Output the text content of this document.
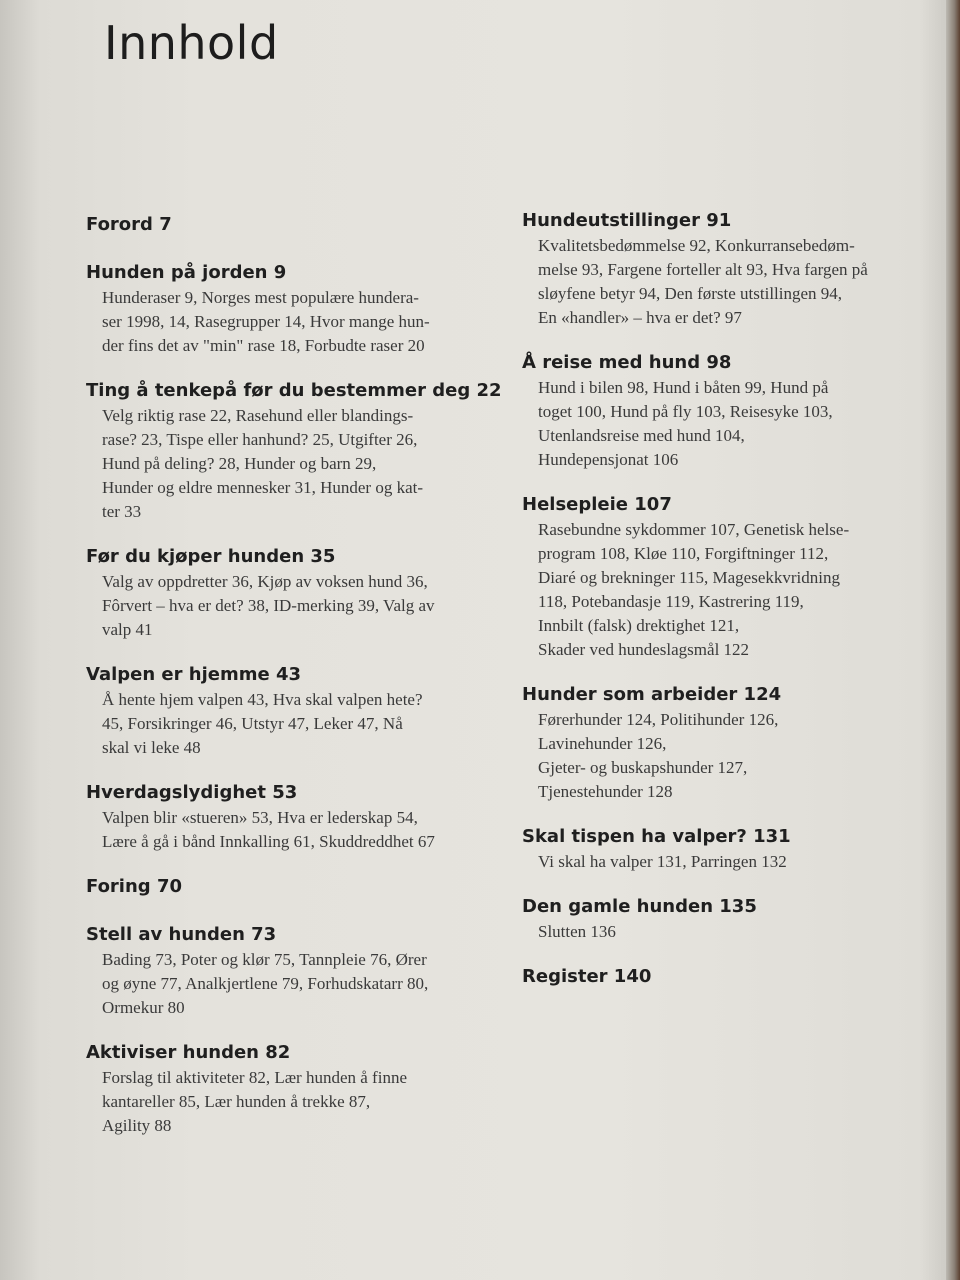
Innhold
Forord 7
Hunden på jorden 9
Hunderaser 9, Norges mest populære hundera-
ser 1998, 14, Rasegrupper 14, Hvor mange hun-
der fins det av "min" rase 18, Forbudte raser 20
Ting å tenkepå før du bestemmer deg 22
Velg riktig rase 22, Rasehund eller blandings-
rase? 23, Tispe eller hanhund? 25, Utgifter 26,
Hund på deling? 28, Hunder og barn 29,
Hunder og eldre mennesker 31, Hunder og kat-
ter 33
Før du kjøper hunden 35
Valg av oppdretter 36, Kjøp av voksen hund 36,
Fôrvert – hva er det? 38, ID-merking 39, Valg av
valp 41
Valpen er hjemme 43
Å hente hjem valpen 43, Hva skal valpen hete?
45, Forsikringer 46, Utstyr 47, Leker 47, Nå
skal vi leke 48
Hverdagslydighet 53
Valpen blir «stueren» 53, Hva er lederskap 54,
Lære å gå i bånd Innkalling 61, Skuddreddhet 67
Foring 70
Stell av hunden 73
Bading 73, Poter og klør 75, Tannpleie 76, Ører
og øyne 77, Analkjertlene 79, Forhudskatarr 80,
Ormekur 80
Aktiviser hunden 82
Forslag til aktiviteter 82, Lær hunden å finne
kantareller 85, Lær hunden å trekke 87,
Agility 88
Hundeutstillinger 91
Kvalitetsbedømmelse 92, Konkurransebedøm-
melse 93, Fargene forteller alt 93, Hva fargen på
sløyfene betyr 94, Den første utstillingen 94,
En «handler» – hva er det? 97
Å reise med hund 98
Hund i bilen 98, Hund i båten 99, Hund på
toget 100, Hund på fly 103, Reisesyke 103,
Utenlandsreise med hund 104,
Hundepensjonat 106
Helsepleie 107
Rasebundne sykdommer 107, Genetisk helse-
program 108, Kløe 110, Forgiftninger 112,
Diaré og brekninger 115, Magesekkvridning
118, Potebandasje 119, Kastrering 119,
Innbilt (falsk) drektighet 121,
Skader ved hundeslagsmål 122
Hunder som arbeider 124
Førerhunder 124, Politihunder 126,
Lavinehunder 126,
Gjeter- og buskapshunder 127,
Tjenestehunder 128
Skal tispen ha valper? 131
Vi skal ha valper 131, Parringen 132
Den gamle hunden 135
Slutten 136
Register 140
